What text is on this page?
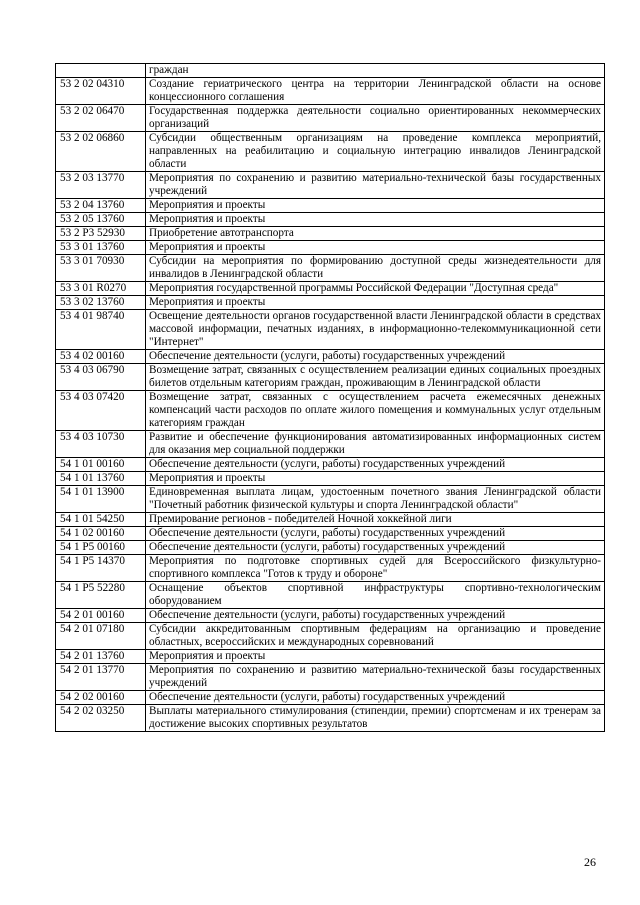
	граждан
53 2 02 04310	Создание гериатрического центра на территории Ленинградской области на основе концессионного соглашения
53 2 02 06470	Государственная поддержка деятельности социально ориентированных некоммерческих организаций
53 2 02 06860	Субсидии общественным организациям на проведение комплекса мероприятий, направленных на реабилитацию и социальную интеграцию инвалидов Ленинградской области
53 2 03 13770	Мероприятия по сохранению и развитию материально-технической базы государственных учреждений
53 2 04 13760	Мероприятия и проекты
53 2 05 13760	Мероприятия и проекты
53 2 P3 52930	Приобретение автотранспорта
53 3 01 13760	Мероприятия и проекты
53 3 01 70930	Субсидии на мероприятия по формированию доступной среды жизнедеятельности для инвалидов в Ленинградской области
53 3 01 R0270	Мероприятия государственной программы Российской Федерации "Доступная среда"
53 3 02 13760	Мероприятия и проекты
53 4 01 98740	Освещение деятельности органов государственной власти Ленинградской области в средствах массовой информации, печатных изданиях, в информационно-телекоммуникационной сети "Интернет"
53 4 02 00160	Обеспечение деятельности (услуги, работы) государственных учреждений
53 4 03 06790	Возмещение затрат, связанных с осуществлением реализации единых социальных проездных билетов отдельным категориям граждан, проживающим в Ленинградской области
53 4 03 07420	Возмещение затрат, связанных с осуществлением расчета ежемесячных денежных компенсаций части расходов по оплате жилого помещения и коммунальных услуг отдельным категориям граждан
53 4 03 10730	Развитие и обеспечение функционирования автоматизированных информационных систем для оказания мер социальной поддержки
54 1 01 00160	Обеспечение деятельности (услуги, работы) государственных учреждений
54 1 01 13760	Мероприятия и проекты
54 1 01 13900	Единовременная выплата лицам, удостоенным почетного звания Ленинградской области "Почетный работник физической культуры и спорта Ленинградской области"
54 1 01 54250	Премирование регионов - победителей Ночной хоккейной лиги
54 1 02 00160	Обеспечение деятельности (услуги, работы) государственных учреждений
54 1 P5 00160	Обеспечение деятельности (услуги, работы) государственных учреждений
54 1 P5 14370	Мероприятия по подготовке спортивных судей для Всероссийского физкультурно-спортивного комплекса "Готов к труду и обороне"
54 1 P5 52280	Оснащение объектов спортивной инфраструктуры спортивно-технологическим оборудованием
54 2 01 00160	Обеспечение деятельности (услуги, работы) государственных учреждений
54 2 01 07180	Субсидии аккредитованным спортивным федерациям на организацию и проведение областных, всероссийских и международных соревнований
54 2 01 13760	Мероприятия и проекты
54 2 01 13770	Мероприятия по сохранению и развитию материально-технической базы государственных учреждений
54 2 02 00160	Обеспечение деятельности (услуги, работы) государственных учреждений
54 2 02 03250	Выплаты материального стимулирования (стипендии, премии) спортсменам и их тренерам за достижение высоких спортивных результатов
26
